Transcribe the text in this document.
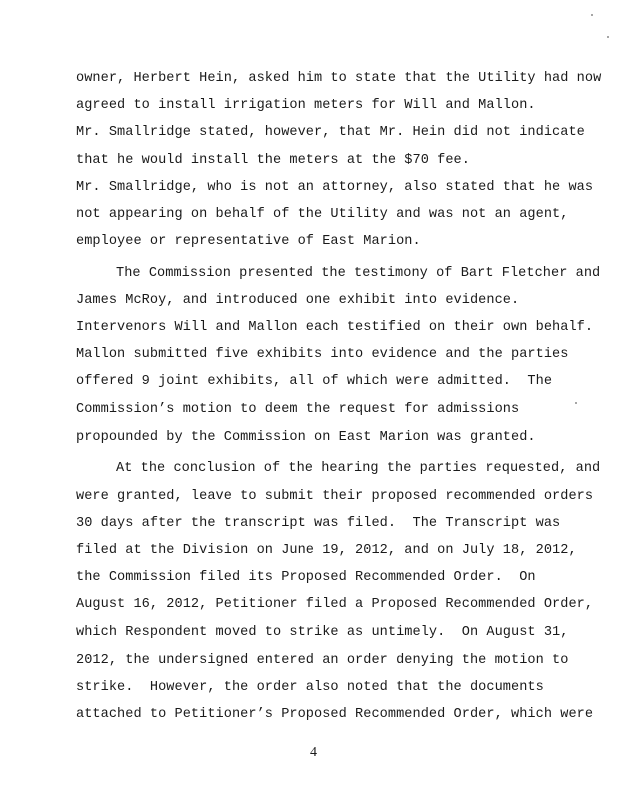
owner, Herbert Hein, asked him to state that the Utility had now
agreed to install irrigation meters for Will and Mallon.
Mr. Smallridge stated, however, that Mr. Hein did not indicate
that he would install the meters at the $70 fee.
Mr. Smallridge, who is not an attorney, also stated that he was
not appearing on behalf of the Utility and was not an agent,
employee or representative of East Marion.
The Commission presented the testimony of Bart Fletcher and
James McRoy, and introduced one exhibit into evidence.
Intervenors Will and Mallon each testified on their own behalf.
Mallon submitted five exhibits into evidence and the parties
offered 9 joint exhibits, all of which were admitted.  The
Commission’s motion to deem the request for admissions
propounded by the Commission on East Marion was granted.
At the conclusion of the hearing the parties requested, and
were granted, leave to submit their proposed recommended orders
30 days after the transcript was filed.  The Transcript was
filed at the Division on June 19, 2012, and on July 18, 2012,
the Commission filed its Proposed Recommended Order.  On
August 16, 2012, Petitioner filed a Proposed Recommended Order,
which Respondent moved to strike as untimely.  On August 31,
2012, the undersigned entered an order denying the motion to
strike.  However, the order also noted that the documents
attached to Petitioner’s Proposed Recommended Order, which were
4
